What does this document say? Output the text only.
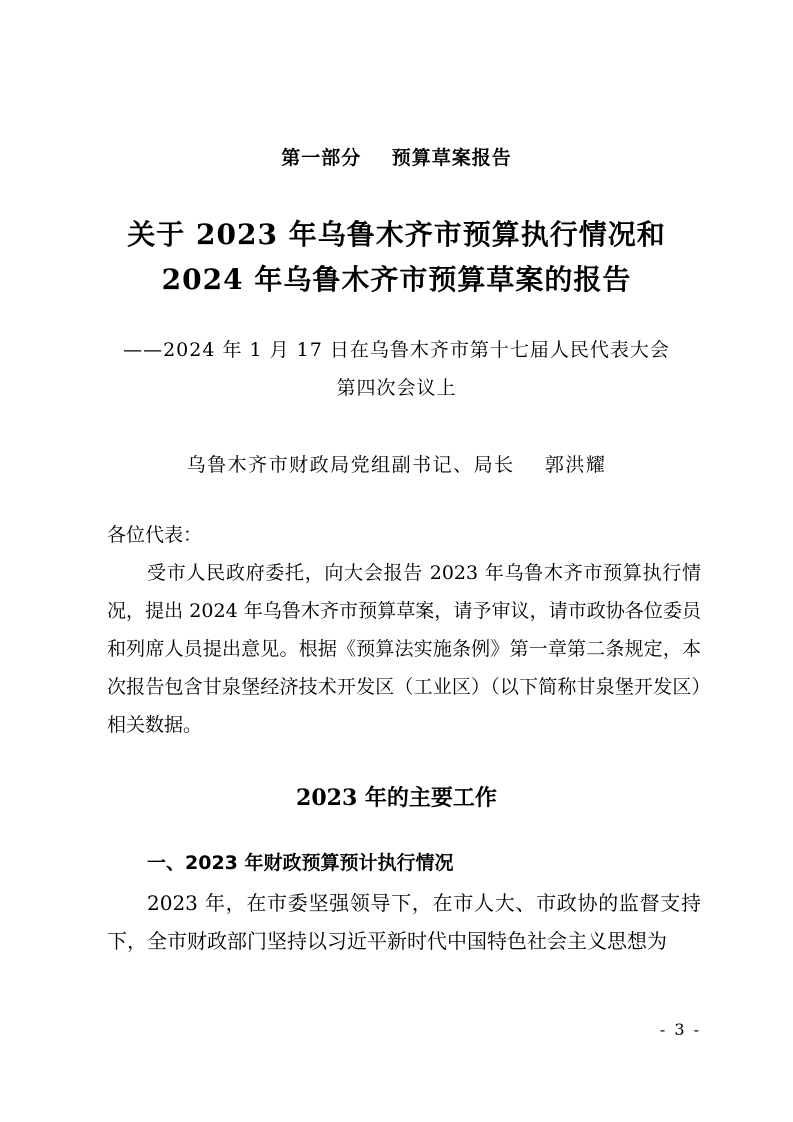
第一部分    预算草案报告
关于 2023 年乌鲁木齐市预算执行情况和
2024 年乌鲁木齐市预算草案的报告
——2024 年 1 月 17 日在乌鲁木齐市第十七届人民代表大会
第四次会议上
乌鲁木齐市财政局党组副书记、局长    郭洪耀
各位代表：
受市人民政府委托，向大会报告 2023 年乌鲁木齐市预算执行情况，提出 2024 年乌鲁木齐市预算草案，请予审议，请市政协各位委员和列席人员提出意见。根据《预算法实施条例》第一章第二条规定，本次报告包含甘泉堡经济技术开发区（工业区）（以下简称甘泉堡开发区）相关数据。
2023 年的主要工作
一、2023 年财政预算预计执行情况
2023 年，在市委坚强领导下，在市人大、市政协的监督支持下，全市财政部门坚持以习近平新时代中国特色社会主义思想为
- 3 -
